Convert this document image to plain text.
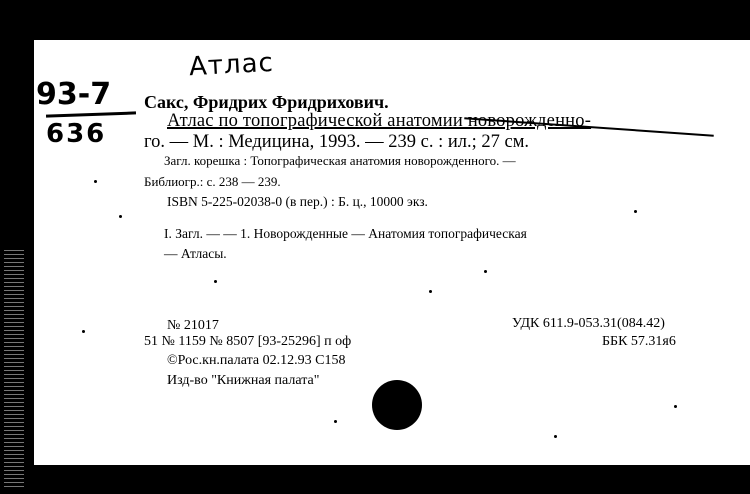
Атлас
93-7
636
Сакс, Фридрих Фридрихович.
Атлас по топографической анатомии новорожденно-
го. — М. : Медицина, 1993. — 239 с. : ил.; 27 см.
Загл. корешка : Топографическая анатомия новорожденного. —
Библиогр.: с. 238 — 239.
ISBN 5-225-02038-0 (в пер.) : Б. ц., 10000 экз.
I. Загл. — — 1. Новорожденные — Анатомия топографическая
— Атласы.
№ 21017
51 № 1159 № 8507 [93-25296] п оф
©Рос.кн.палата 02.12.93 С158
Изд-во "Книжная палата"
УДК 611.9-053.31(084.42)
ББК 57.31я6
